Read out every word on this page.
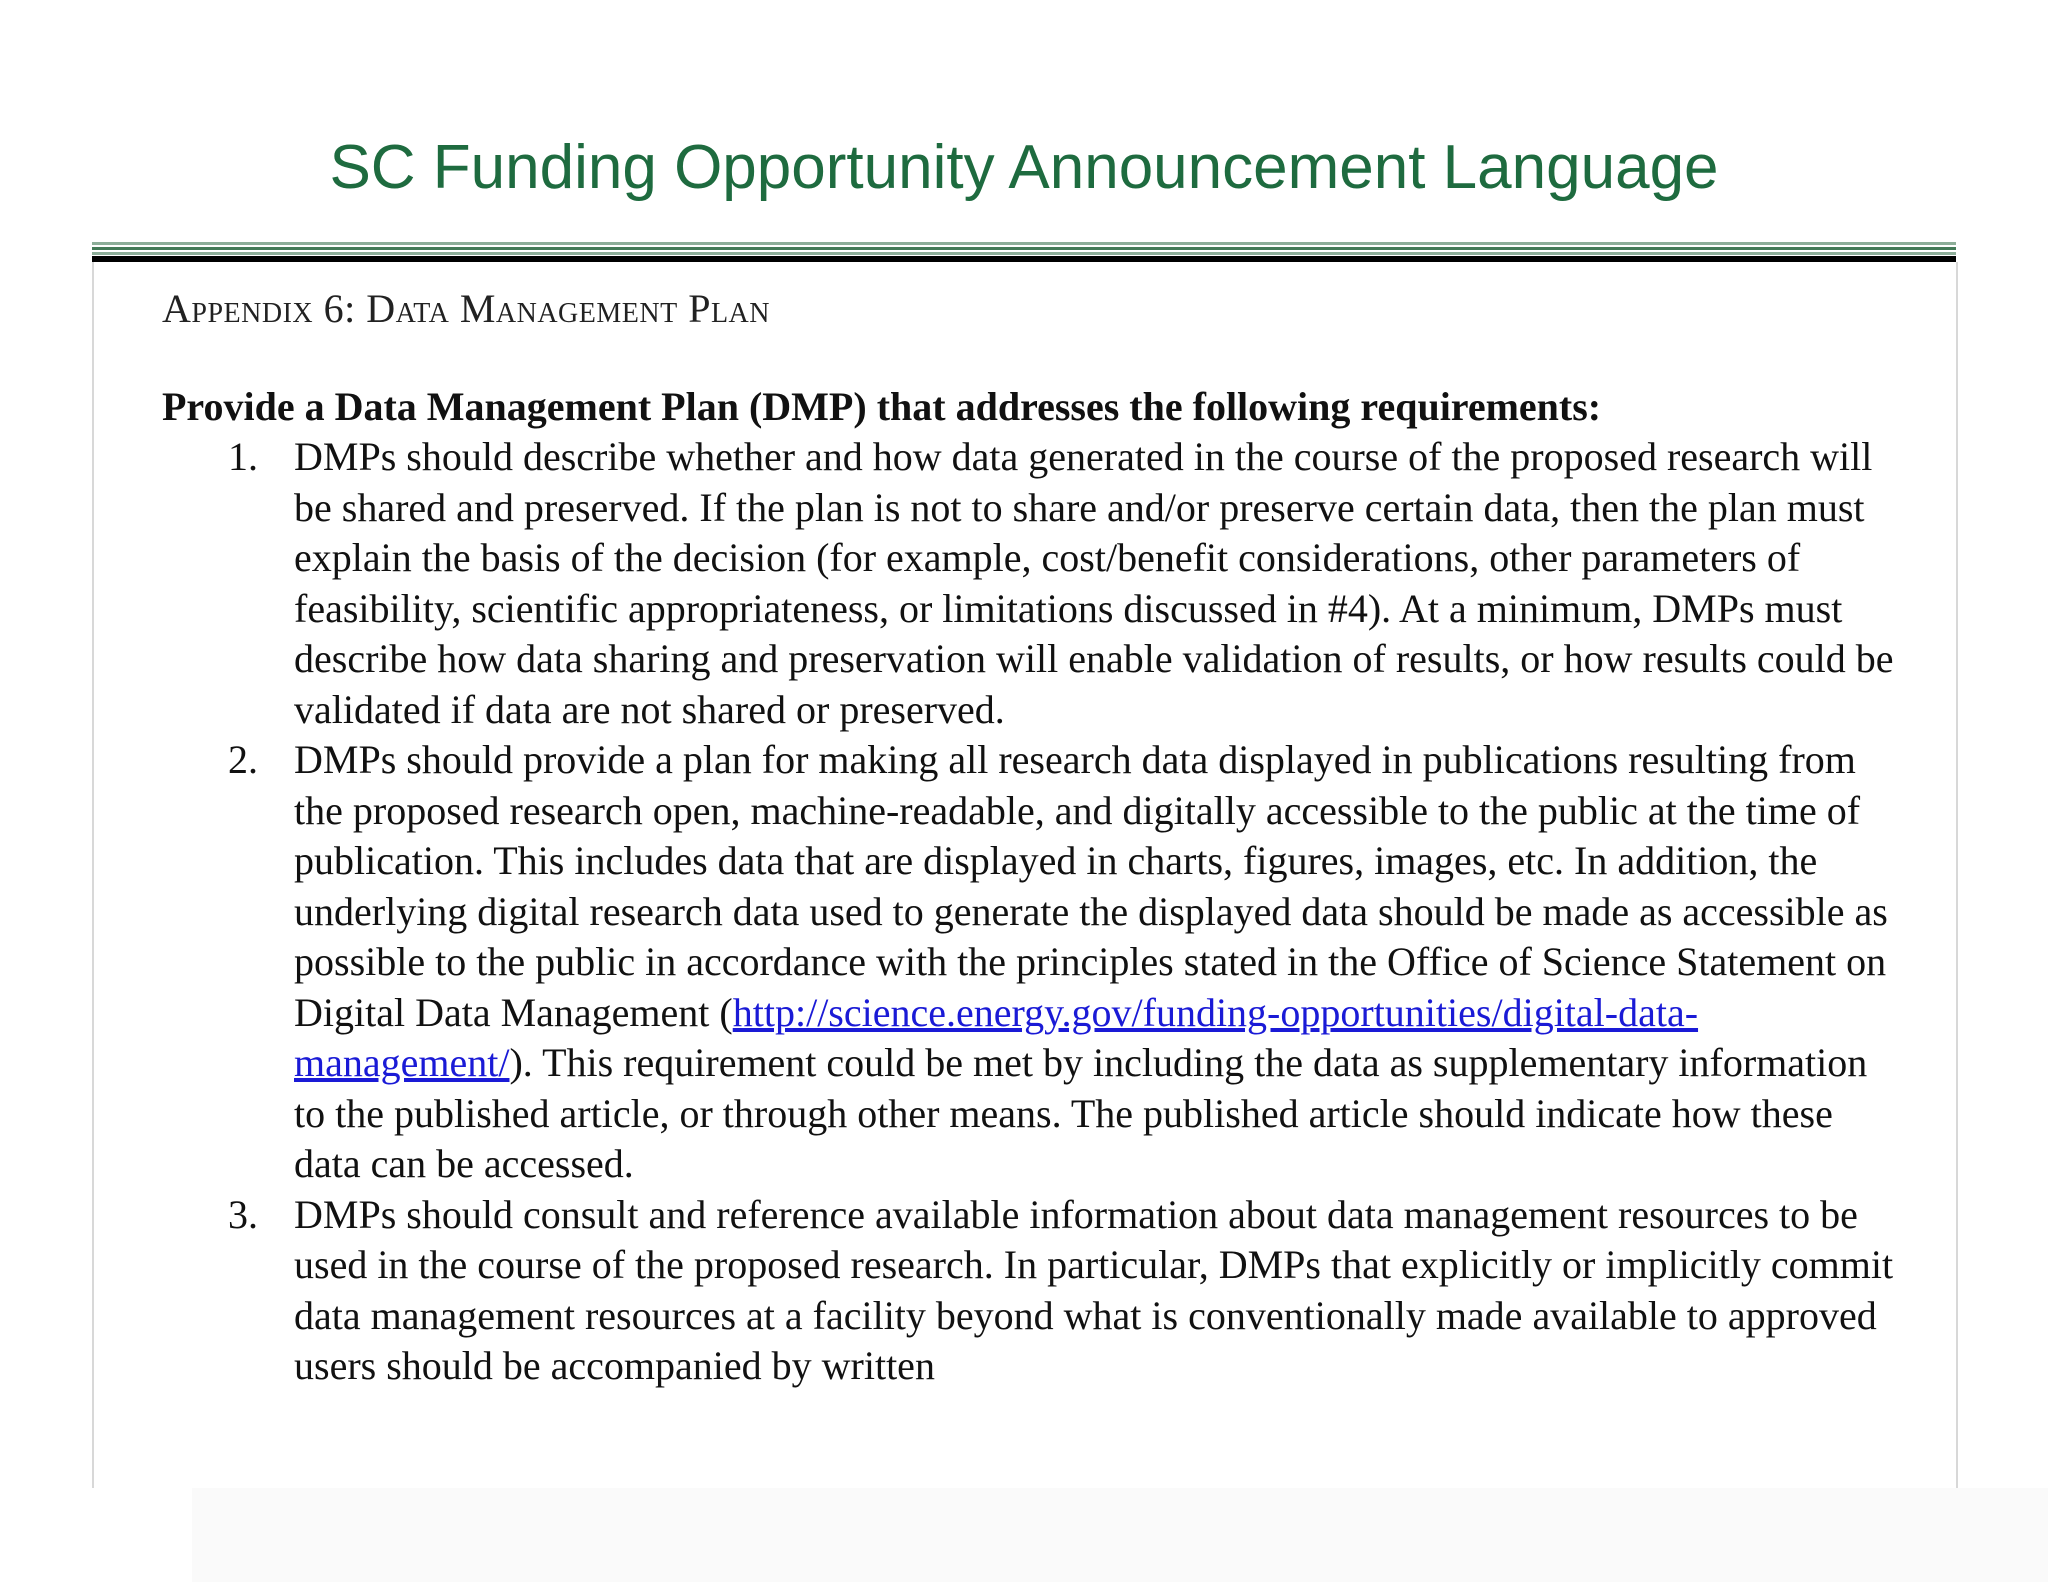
SC Funding Opportunity Announcement Language
Appendix 6: Data Management Plan
Provide a Data Management Plan (DMP) that addresses the following requirements:
1. DMPs should describe whether and how data generated in the course of the proposed research will be shared and preserved. If the plan is not to share and/or preserve certain data, then the plan must explain the basis of the decision (for example, cost/benefit considerations, other parameters of feasibility, scientific appropriateness, or limitations discussed in #4). At a minimum, DMPs must describe how data sharing and preservation will enable validation of results, or how results could be validated if data are not shared or preserved.
2. DMPs should provide a plan for making all research data displayed in publications resulting from the proposed research open, machine-readable, and digitally accessible to the public at the time of publication. This includes data that are displayed in charts, figures, images, etc. In addition, the underlying digital research data used to generate the displayed data should be made as accessible as possible to the public in accordance with the principles stated in the Office of Science Statement on Digital Data Management (http://science.energy.gov/funding-opportunities/digital-data-management/). This requirement could be met by including the data as supplementary information to the published article, or through other means. The published article should indicate how these data can be accessed.
3. DMPs should consult and reference available information about data management resources to be used in the course of the proposed research. In particular, DMPs that explicitly or implicitly commit data management resources at a facility beyond what is conventionally made available to approved users should be accompanied by written
